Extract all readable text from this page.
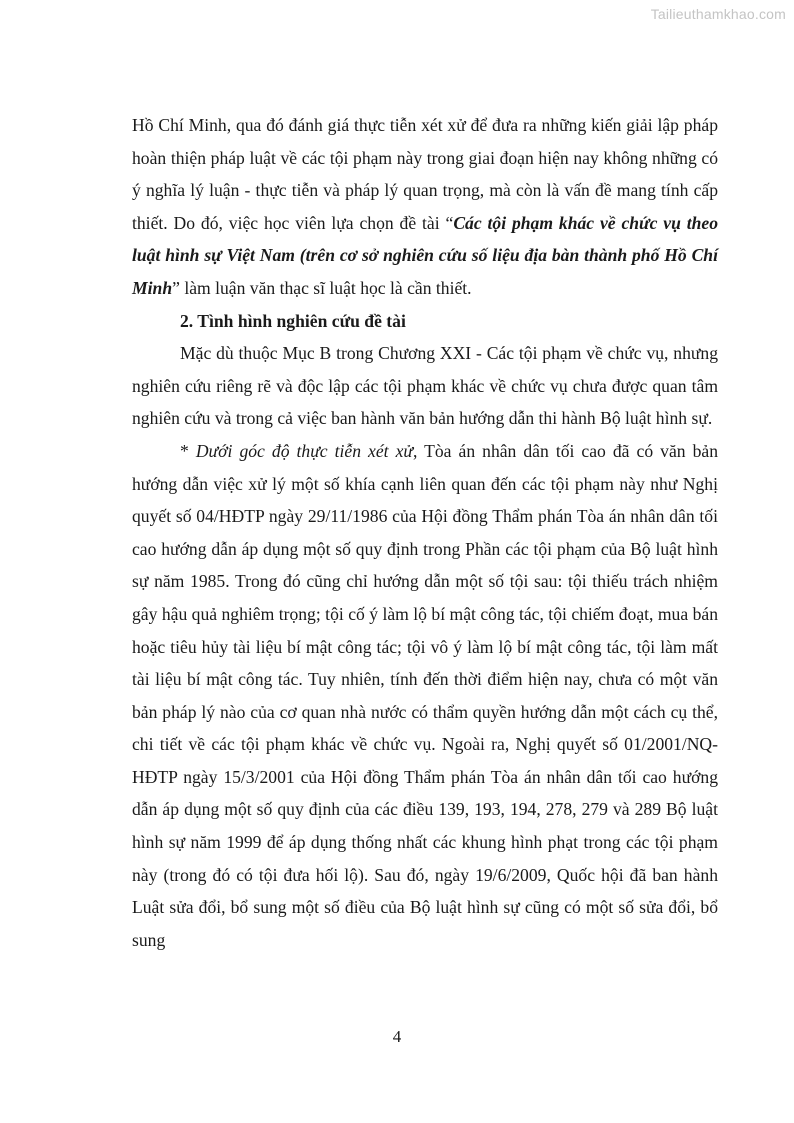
Tailieuthamkhao.com

Hồ Chí Minh, qua đó đánh giá thực tiễn xét xử để đưa ra những kiến giải lập pháp hoàn thiện pháp luật về các tội phạm này trong giai đoạn hiện nay không những có ý nghĩa lý luận - thực tiễn và pháp lý quan trọng, mà còn là vấn đề mang tính cấp thiết. Do đó, việc học viên lựa chọn đề tài “Các tội phạm khác về chức vụ theo luật hình sự Việt Nam (trên cơ sở nghiên cứu số liệu địa bàn thành phố Hồ Chí Minh” làm luận văn thạc sĩ luật học là cần thiết.

2. Tình hình nghiên cứu đề tài

Mặc dù thuộc Mục B trong Chương XXI - Các tội phạm về chức vụ, nhưng nghiên cứu riêng rẽ và độc lập các tội phạm khác về chức vụ chưa được quan tâm nghiên cứu và trong cả việc ban hành văn bản hướng dẫn thi hành Bộ luật hình sự.

* Dưới góc độ thực tiễn xét xử, Tòa án nhân dân tối cao đã có văn bản hướng dẫn việc xử lý một số khía cạnh liên quan đến các tội phạm này như Nghị quyết số 04/HĐTP ngày 29/11/1986 của Hội đồng Thẩm phán Tòa án nhân dân tối cao hướng dẫn áp dụng một số quy định trong Phần các tội phạm của Bộ luật hình sự năm 1985. Trong đó cũng chỉ hướng dẫn một số tội sau: tội thiếu trách nhiệm gây hậu quả nghiêm trọng; tội cố ý làm lộ bí mật công tác, tội chiếm đoạt, mua bán hoặc tiêu hủy tài liệu bí mật công tác; tội vô ý làm lộ bí mật công tác, tội làm mất tài liệu bí mật công tác. Tuy nhiên, tính đến thời điểm hiện nay, chưa có một văn bản pháp lý nào của cơ quan nhà nước có thẩm quyền hướng dẫn một cách cụ thể, chi tiết về các tội phạm khác về chức vụ. Ngoài ra, Nghị quyết số 01/2001/NQ-HĐTP ngày 15/3/2001 của Hội đồng Thẩm phán Tòa án nhân dân tối cao hướng dẫn áp dụng một số quy định của các điều 139, 193, 194, 278, 279 và 289 Bộ luật hình sự năm 1999 để áp dụng thống nhất các khung hình phạt trong các tội phạm này (trong đó có tội đưa hối lộ). Sau đó, ngày 19/6/2009, Quốc hội đã ban hành Luật sửa đổi, bổ sung một số điều của Bộ luật hình sự cũng có một số sửa đổi, bổ sung

4
